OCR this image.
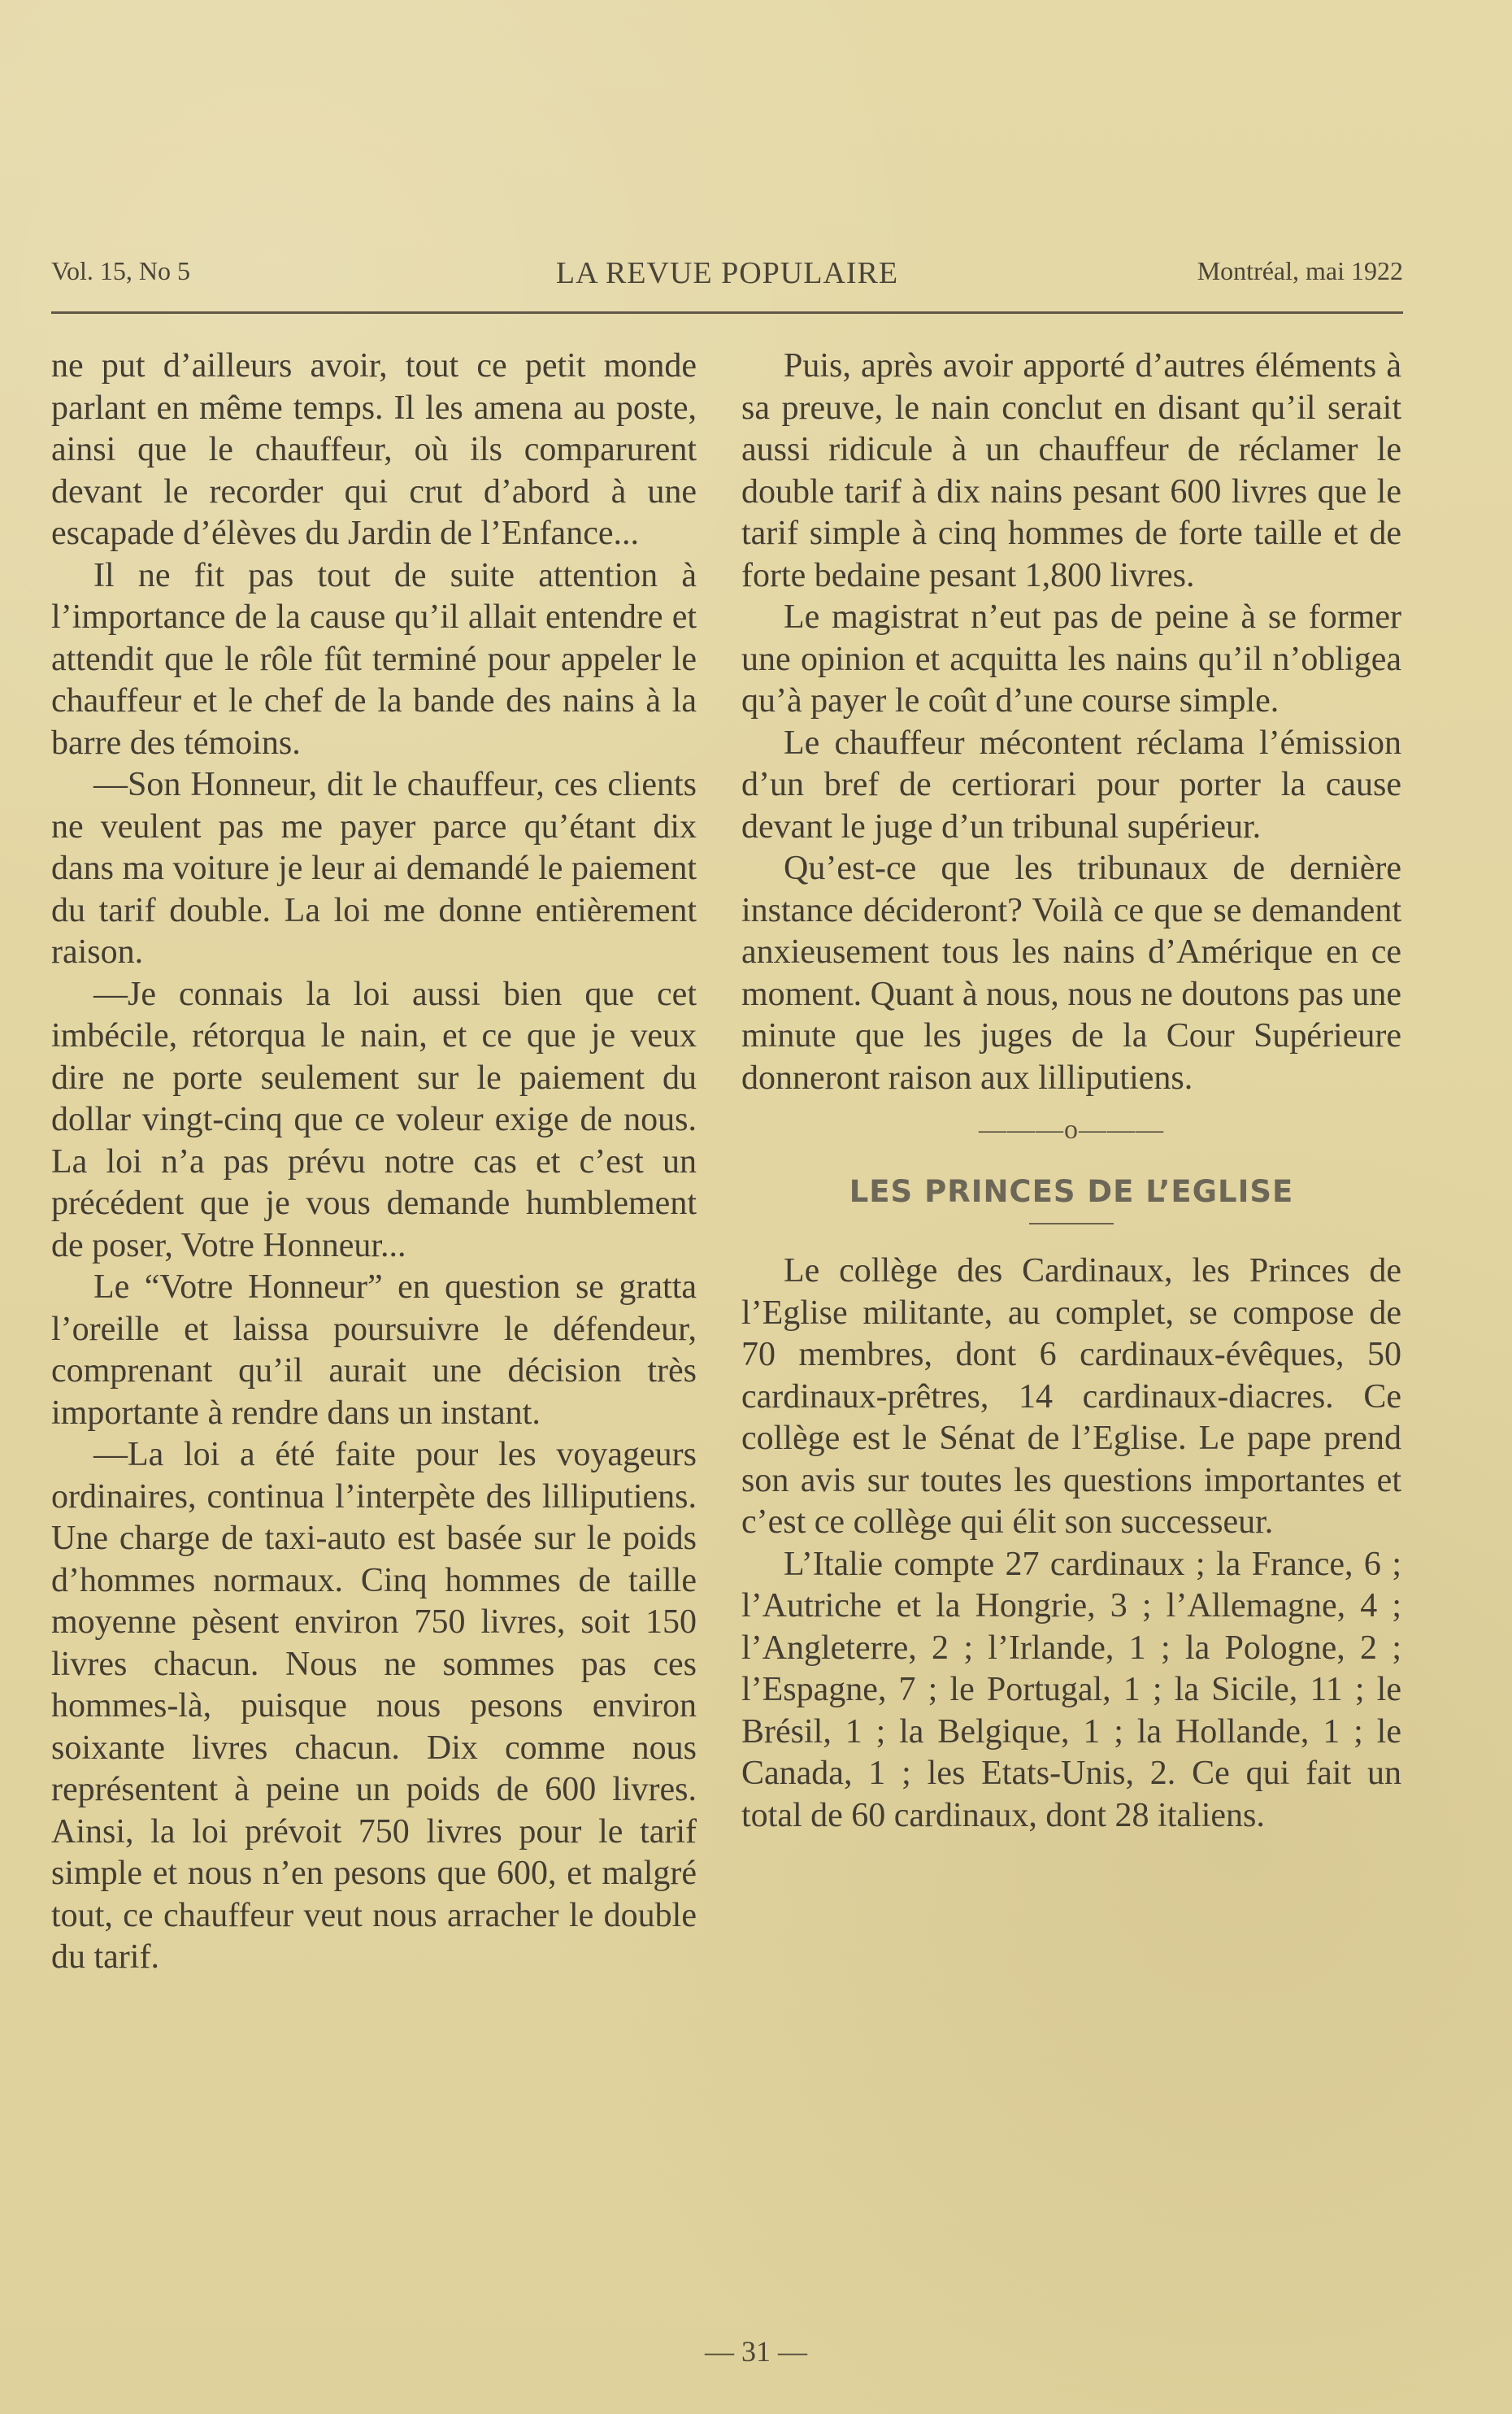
Vol. 15, No 5	LA REVUE POPULAIRE	Montréal, mai 1922

ne put d’ailleurs avoir, tout ce petit monde parlant en même temps. Il les amena au poste, ainsi que le chauffeur, où ils comparurent devant le recorder qui crut d’abord à une escapade d’élèves du Jardin de l’Enfance...

Il ne fit pas tout de suite attention à l’importance de la cause qu’il allait entendre et attendit que le rôle fût terminé pour appeler le chauffeur et le chef de la bande des nains à la barre des témoins.

—Son Honneur, dit le chauffeur, ces clients ne veulent pas me payer parce qu’étant dix dans ma voiture je leur ai demandé le paiement du tarif double. La loi me donne entièrement raison.

—Je connais la loi aussi bien que cet imbécile, rétorqua le nain, et ce que je veux dire ne porte seulement sur le paiement du dollar vingt-cinq que ce voleur exige de nous. La loi n’a pas prévu notre cas et c’est un précédent que je vous demande humblement de poser, Votre Honneur...

Le “Votre Honneur” en question se gratta l’oreille et laissa poursuivre le défendeur, comprenant qu’il aurait une décision très importante à rendre dans un instant.

—La loi a été faite pour les voyageurs ordinaires, continua l’interpète des lilliputiens. Une charge de taxi-auto est basée sur le poids d’hommes normaux. Cinq hommes de taille moyenne pèsent environ 750 livres, soit 150 livres chacun. Nous ne sommes pas ces hommes-là, puisque nous pesons environ soixante livres chacun. Dix comme nous représentent à peine un poids de 600 livres. Ainsi, la loi prévoit 750 livres pour le tarif simple et nous n’en pesons que 600, et malgré tout, ce chauffeur veut nous arracher le double du tarif.

Puis, après avoir apporté d’autres éléments à sa preuve, le nain conclut en disant qu’il serait aussi ridicule à un chauffeur de réclamer le double tarif à dix nains pesant 600 livres que le tarif simple à cinq hommes de forte taille et de forte bedaine pesant 1,800 livres.

Le magistrat n’eut pas de peine à se former une opinion et acquitta les nains qu’il n’obligea qu’à payer le coût d’une course simple.

Le chauffeur mécontent réclama l’émission d’un bref de certiorari pour porter la cause devant le juge d’un tribunal supérieur.

Qu’est-ce que les tribunaux de dernière instance décideront? Voilà ce que se demandent anxieusement tous les nains d’Amérique en ce moment. Quant à nous, nous ne doutons pas une minute que les juges de la Cour Supérieure donneront raison aux lilliputiens.

———o———
LES PRINCES DE L’EGLISE

Le collège des Cardinaux, les Princes de l’Eglise militante, au complet, se compose de 70 membres, dont 6 cardinaux-évêques, 50 cardinaux-prêtres, 14 cardinaux-diacres. Ce collège est le Sénat de l’Eglise. Le pape prend son avis sur toutes les questions importantes et c’est ce collège qui élit son successeur.

L’Italie compte 27 cardinaux ; la France, 6 ; l’Autriche et la Hongrie, 3 ; l’Allemagne, 4 ; l’Angleterre, 2 ; l’Irlande, 1 ; la Pologne, 2 ; l’Espagne, 7 ; le Portugal, 1 ; la Sicile, 11 ; le Brésil, 1 ; la Belgique, 1 ; la Hollande, 1 ; le Canada, 1 ; les Etats-Unis, 2. Ce qui fait un total de 60 cardinaux, dont 28 italiens.

— 31 —
